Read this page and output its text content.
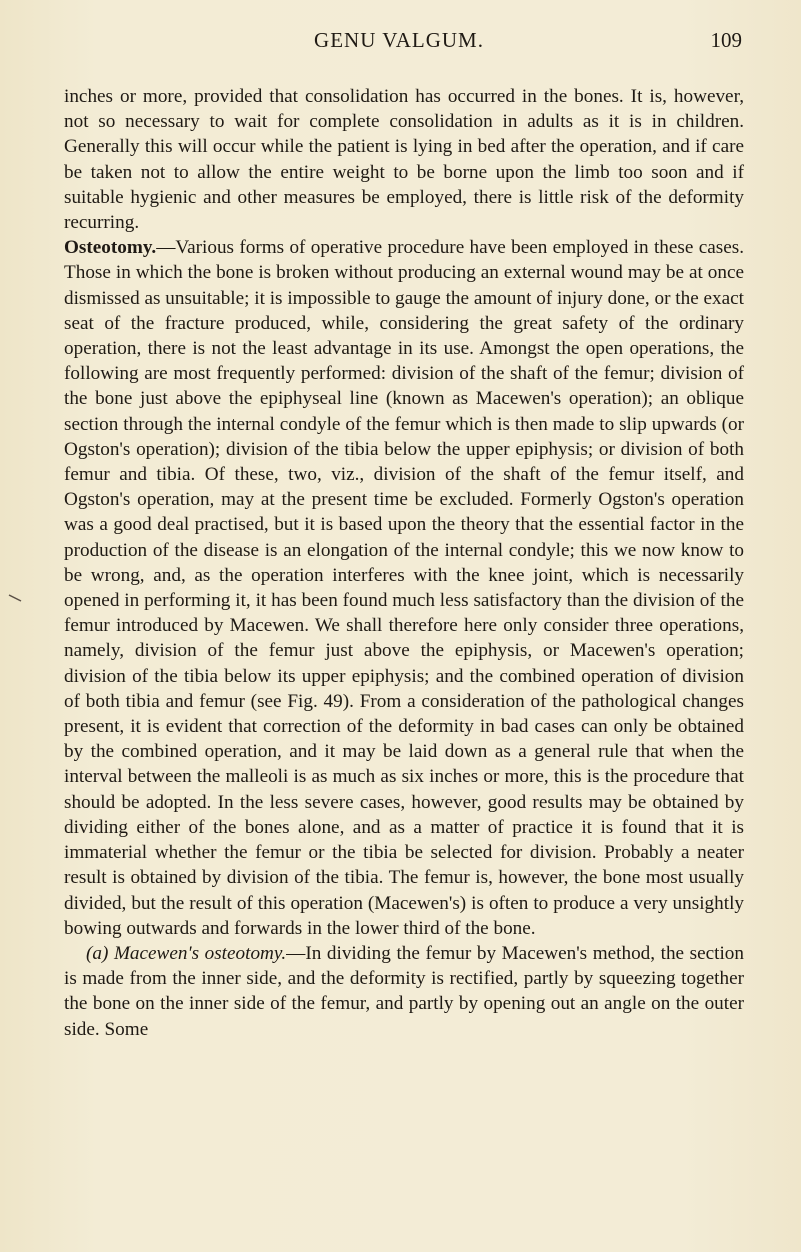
GENU VALGUM.	109

inches or more, provided that consolidation has occurred in the bones. It is, however, not so necessary to wait for complete consolidation in adults as it is in children. Generally this will occur while the patient is lying in bed after the operation, and if care be taken not to allow the entire weight to be borne upon the limb too soon and if suitable hygienic and other measures be employed, there is little risk of the deformity recurring.

Osteotomy.—Various forms of operative procedure have been employed in these cases. Those in which the bone is broken without producing an external wound may be at once dismissed as unsuitable; it is impossible to gauge the amount of injury done, or the exact seat of the fracture produced, while, considering the great safety of the ordinary operation, there is not the least advantage in its use. Amongst the open operations, the following are most frequently performed: division of the shaft of the femur; division of the bone just above the epiphyseal line (known as Macewen's operation); an oblique section through the internal condyle of the femur which is then made to slip upwards (or Ogston's operation); division of the tibia below the upper epiphysis; or division of both femur and tibia. Of these, two, viz., division of the shaft of the femur itself, and Ogston's operation, may at the present time be excluded. Formerly Ogston's operation was a good deal practised, but it is based upon the theory that the essential factor in the production of the disease is an elongation of the internal condyle; this we now know to be wrong, and, as the operation interferes with the knee joint, which is necessarily opened in performing it, it has been found much less satisfactory than the division of the femur introduced by Macewen. We shall therefore here only consider three operations, namely, division of the femur just above the epiphysis, or Macewen's operation; division of the tibia below its upper epiphysis; and the combined operation of division of both tibia and femur (see Fig. 49). From a consideration of the pathological changes present, it is evident that correction of the deformity in bad cases can only be obtained by the combined operation, and it may be laid down as a general rule that when the interval between the malleoli is as much as six inches or more, this is the procedure that should be adopted. In the less severe cases, however, good results may be obtained by dividing either of the bones alone, and as a matter of practice it is found that it is immaterial whether the femur or the tibia be selected for division. Probably a neater result is obtained by division of the tibia. The femur is, however, the bone most usually divided, but the result of this operation (Macewen's) is often to produce a very unsightly bowing outwards and forwards in the lower third of the bone.

(a) Macewen's osteotomy.—In dividing the femur by Macewen's method, the section is made from the inner side, and the deformity is rectified, partly by squeezing together the bone on the inner side of the femur, and partly by opening out an angle on the outer side. Some
